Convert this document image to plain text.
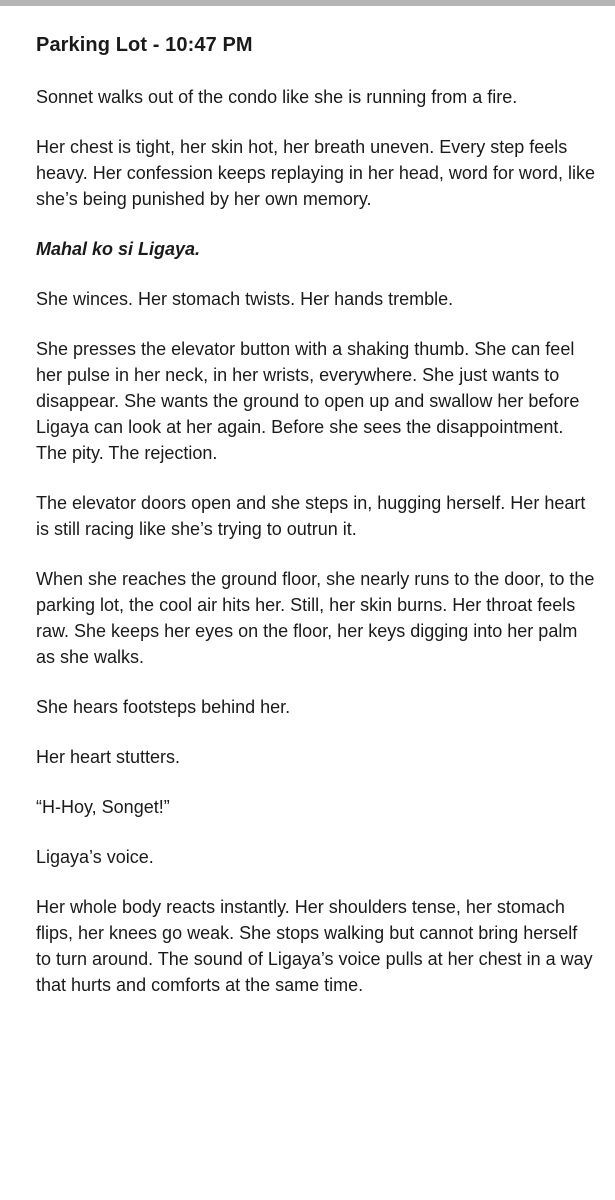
Parking Lot - 10:47 PM

Sonnet walks out of the condo like she is running from a fire.

Her chest is tight, her skin hot, her breath uneven. Every step feels heavy. Her confession keeps replaying in her head, word for word, like she’s being punished by her own memory.

Mahal ko si Ligaya.

She winces. Her stomach twists. Her hands tremble.

She presses the elevator button with a shaking thumb. She can feel her pulse in her neck, in her wrists, everywhere. She just wants to disappear. She wants the ground to open up and swallow her before Ligaya can look at her again. Before she sees the disappointment. The pity. The rejection.

The elevator doors open and she steps in, hugging herself. Her heart is still racing like she’s trying to outrun it.

When she reaches the ground floor, she nearly runs to the door, to the parking lot, the cool air hits her. Still, her skin burns. Her throat feels raw. She keeps her eyes on the floor, her keys digging into her palm as she walks.

She hears footsteps behind her.

Her heart stutters.

“H-Hoy, Songet!”

Ligaya’s voice.

Her whole body reacts instantly. Her shoulders tense, her stomach flips, her knees go weak. She stops walking but cannot bring herself to turn around. The sound of Ligaya’s voice pulls at her chest in a way that hurts and comforts at the same time.
